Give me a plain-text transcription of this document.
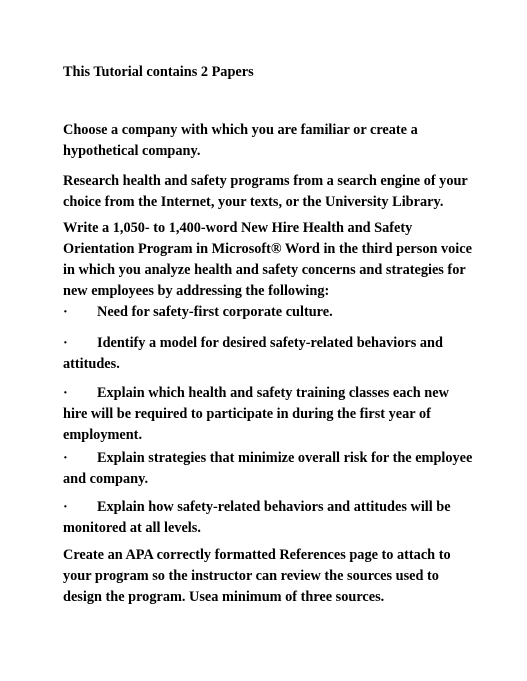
This Tutorial contains 2 Papers

Choose a company with which you are familiar or create a hypothetical company.

Research health and safety programs from a search engine of your choice from the Internet, your texts, or the University Library.

Write a 1,050- to 1,400-word New Hire Health and Safety Orientation Program in Microsoft® Word in the third person voice in which you analyze health and safety concerns and strategies for new employees by addressing the following:

· Need for safety-first corporate culture.

· Identify a model for desired safety-related behaviors and attitudes.

· Explain which health and safety training classes each new hire will be required to participate in during the first year of employment.

· Explain strategies that minimize overall risk for the employee and company.

· Explain how safety-related behaviors and attitudes will be monitored at all levels.

Create an APA correctly formatted References page to attach to your program so the instructor can review the sources used to design the program. Usea minimum of three sources.
